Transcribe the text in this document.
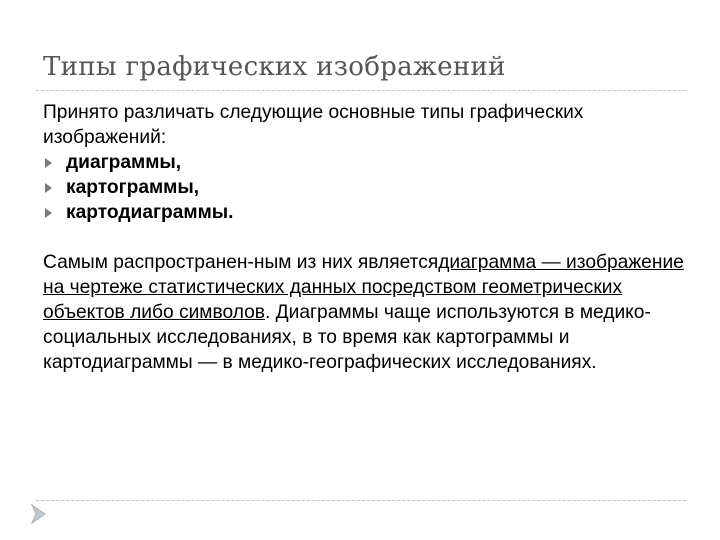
Типы графических изображений

Принято различать следующие основные типы графических изображений:

диаграммы,
картограммы,
картодиаграммы.

Самым распространен-ным из них являетсядиаграмма — изображение на чертеже статистических данных посредством геометрических объектов либо символов. Диаграммы чаще используются в медико-социальных исследованиях, в то время как картограммы и картодиаграммы — в медико-географических исследованиях.
